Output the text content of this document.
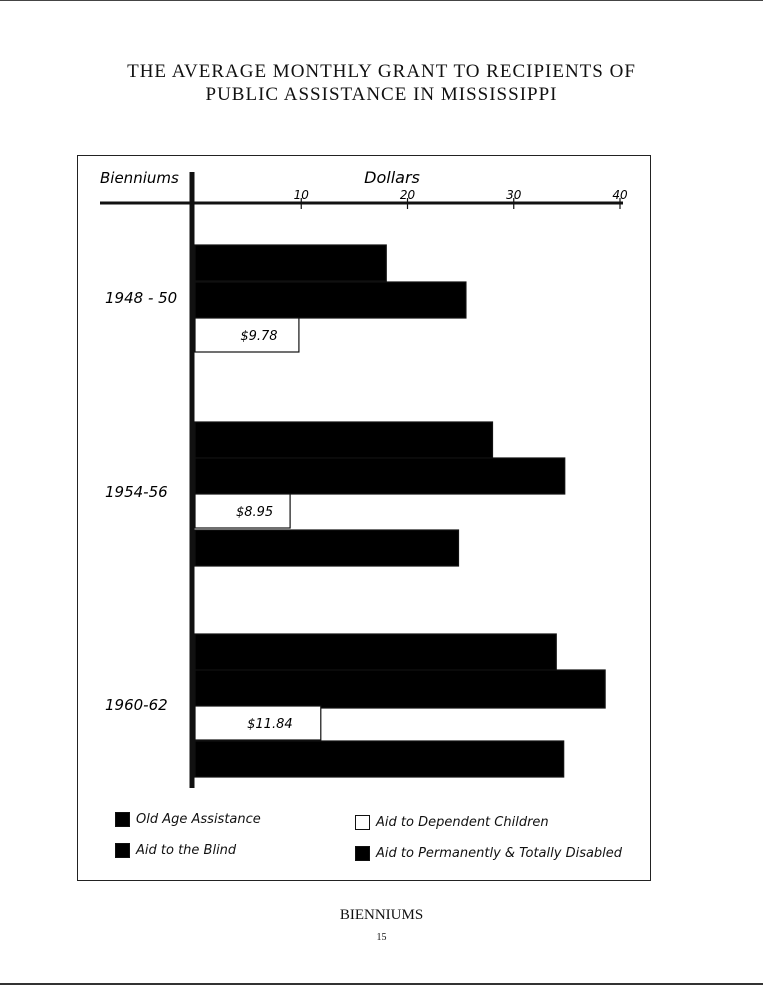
THE AVERAGE MONTHLY GRANT TO RECIPIENTS OF
PUBLIC ASSISTANCE IN MISSISSIPPI
10	20	30	40
Bienniums	Dollars
1948 - 50
$9.78
1954-56
$8.95
1960-62
$11.84
Old Age Assistance	Aid to Dependent Children
Aid to the Blind	Aid to Permanently & Totally Disabled
BIENNIUMS
15
